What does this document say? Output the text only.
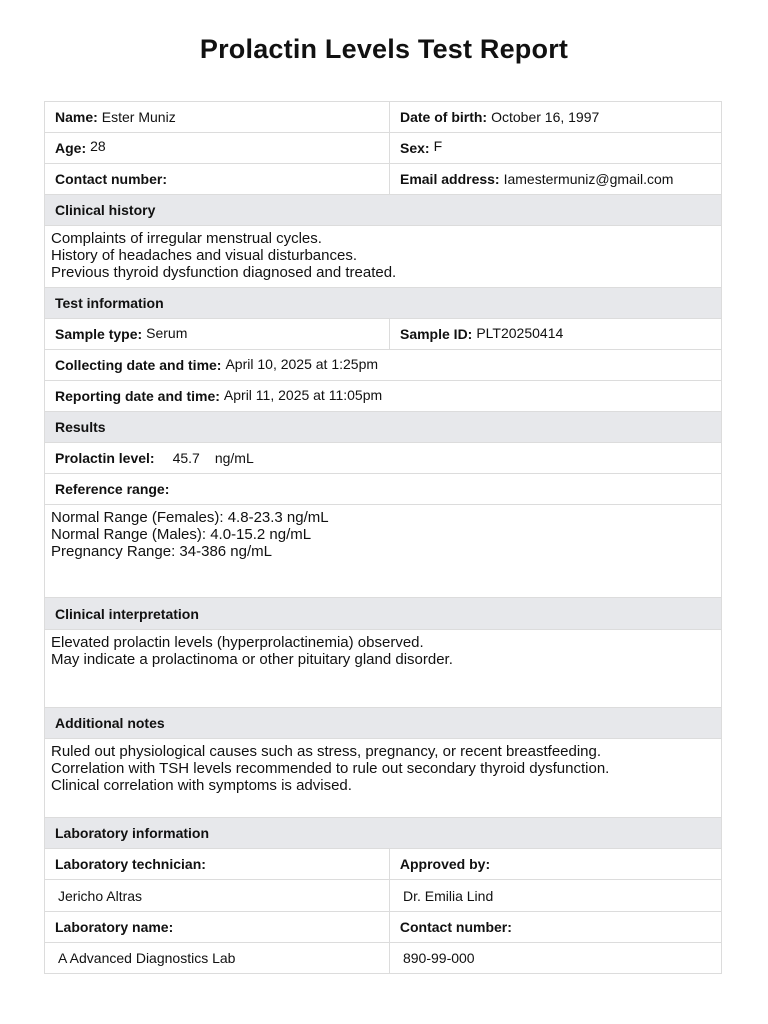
Prolactin Levels Test Report
Name: Ester Muniz	Date of birth: October 16, 1997
Age: 28	Sex: F
Contact number:	Email address: Iamestermuniz@gmail.com
Clinical history
Complaints of irregular menstrual cycles.
History of headaches and visual disturbances.
Previous thyroid dysfunction diagnosed and treated.
Test information
Sample type: Serum	Sample ID: PLT20250414
Collecting date and time: April 10, 2025 at 1:25pm
Reporting date and time: April 11, 2025 at 11:05pm
Results
Prolactin level: 45.7 ng/mL
Reference range:
Normal Range (Females): 4.8-23.3 ng/mL
Normal Range (Males): 4.0-15.2 ng/mL
Pregnancy Range: 34-386 ng/mL
Clinical interpretation
Elevated prolactin levels (hyperprolactinemia) observed.
May indicate a prolactinoma or other pituitary gland disorder.
Additional notes
Ruled out physiological causes such as stress, pregnancy, or recent breastfeeding.
Correlation with TSH levels recommended to rule out secondary thyroid dysfunction.
Clinical correlation with symptoms is advised.
Laboratory information
Laboratory technician:	Approved by:
Jericho Altras	Dr. Emilia Lind
Laboratory name:	Contact number:
A Advanced Diagnostics Lab	890-99-000
